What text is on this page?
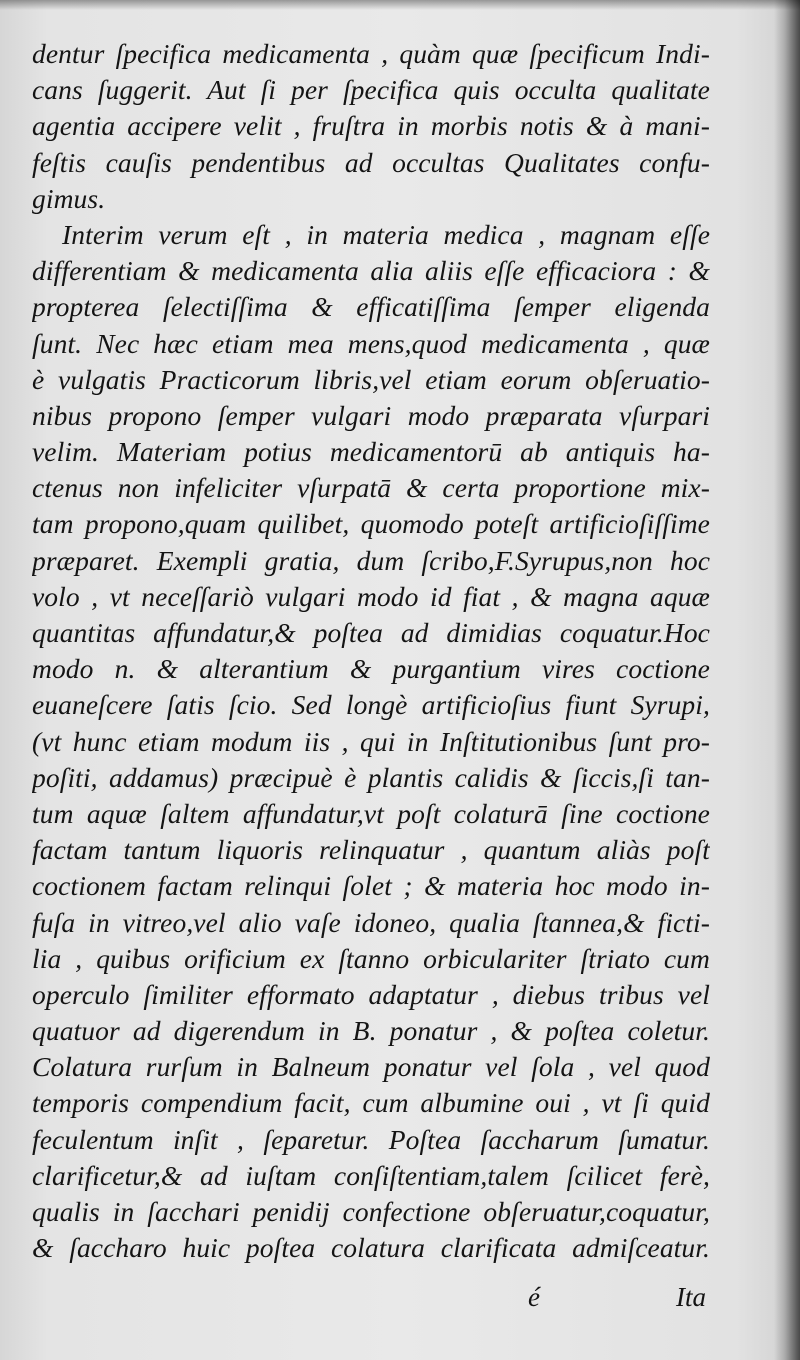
dentur ſpecifica medicamenta , quàm quæ ſpecificum Indi-
cans ſuggerit. Aut ſi per ſpecifica quis occulta qualitate
agentia accipere velit , fruſtra in morbis notis & à mani-
feſtis cauſis pendentibus ad occultas Qualitates confu-
gimus.
Interim verum eſt , in materia medica , magnam eſſe
differentiam & medicamenta alia aliis eſſe efficaciora : &
propterea ſelectiſſima & efficatiſſima ſemper eligenda
ſunt. Nec hæc etiam mea mens,quod medicamenta , quæ
è vulgatis Practicorum libris,vel etiam eorum obſeruatio-
nibus propono ſemper vulgari modo præparata vſurpari
velim. Materiam potius medicamentorū ab antiquis ha-
ctenus non infeliciter vſurpatā & certa proportione mix-
tam propono,quam quilibet, quomodo poteſt artificioſiſſime
præparet. Exempli gratia, dum ſcribo,F.Syrupus,non hoc
volo , vt neceſſariò vulgari modo id fiat , & magna aquæ
quantitas affundatur,& poſtea ad dimidias coquatur.Hoc
modo n. & alterantium & purgantium vires coctione
euaneſcere ſatis ſcio. Sed longè artificioſius fiunt Syrupi,
(vt hunc etiam modum iis , qui in Inſtitutionibus ſunt pro-
poſiti, addamus) præcipuè è plantis calidis & ſiccis,ſi tan-
tum aquæ ſaltem affundatur,vt poſt colaturā ſine coctione
factam tantum liquoris relinquatur , quantum aliàs poſt
coctionem factam relinqui ſolet ; & materia hoc modo in-
fuſa in vitreo,vel alio vaſe idoneo, qualia ſtannea,& ficti-
lia , quibus orificium ex ſtanno orbiculariter ſtriato cum
operculo ſimiliter efformato adaptatur , diebus tribus vel
quatuor ad digerendum in B. ponatur , & poſtea coletur.
Colatura rurſum in Balneum ponatur vel ſola , vel quod
temporis compendium facit, cum albumine oui , vt ſi quid
feculentum inſit , ſeparetur. Poſtea ſaccharum ſumatur.
clarificetur,& ad iuſtam conſiſtentiam,talem ſcilicet ferè,
qualis in ſacchari penidij confectione obſeruatur,coquatur,
& ſaccharo huic poſtea colatura clarificata admiſceatur.
é	Ita
